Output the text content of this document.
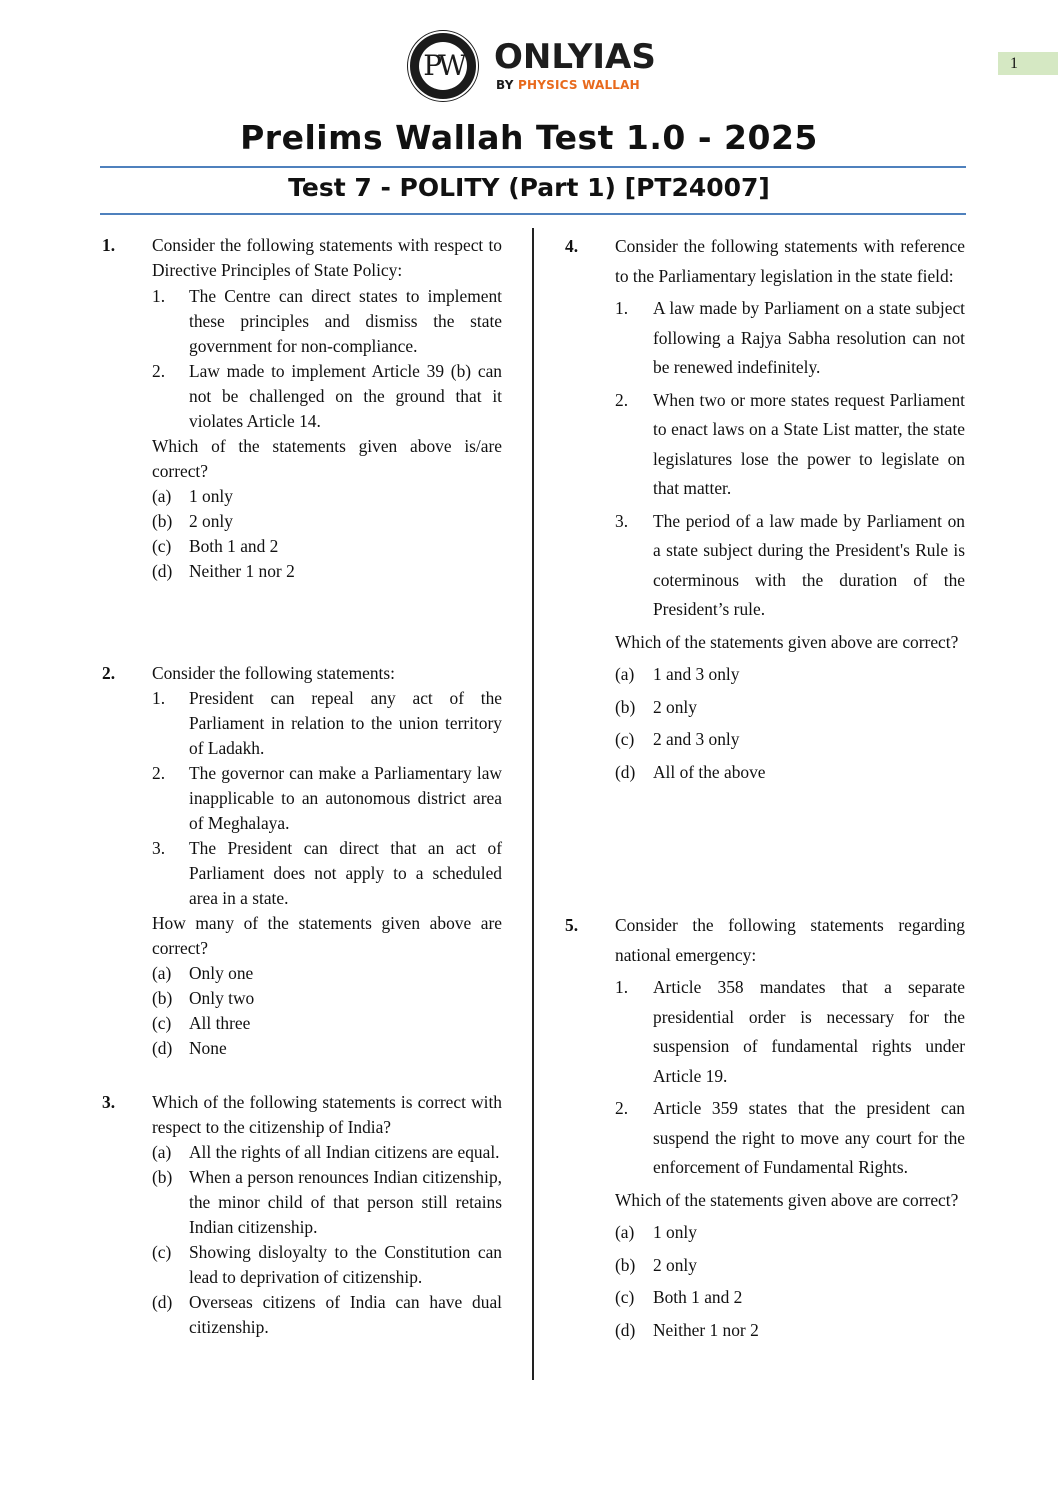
1
PW ONLYIAS
BY PHYSICS WALLAH
Prelims Wallah Test 1.0 - 2025
Test 7 - POLITY (Part 1) [PT24007]
1. Consider the following statements with respect to Directive Principles of State Policy:

1. The Centre can direct states to implement these principles and dismiss the state government for non-compliance.
2. Law made to implement Article 39 (b) can not be challenged on the ground that it violates Article 14.

Which of the statements given above is/are correct?

(a) 1 only
(b) 2 only
(c) Both 1 and 2
(d) Neither 1 nor 2
2. Consider the following statements:

1. President can repeal any act of the Parliament in relation to the union territory of Ladakh.
2. The governor can make a Parliamentary law inapplicable to an autonomous district area of Meghalaya.
3. The President can direct that an act of Parliament does not apply to a scheduled area in a state.

How many of the statements given above are correct?

(a) Only one
(b) Only two
(c) All three
(d) None
3. Which of the following statements is correct with respect to the citizenship of India?

(a) All the rights of all Indian citizens are equal.
(b) When a person renounces Indian citizenship, the minor child of that person still retains Indian citizenship.
(c) Showing disloyalty to the Constitution can lead to deprivation of citizenship.
(d) Overseas citizens of India can have dual citizenship.
4. Consider the following statements with reference to the Parliamentary legislation in the state field:

1. A law made by Parliament on a state subject following a Rajya Sabha resolution can not be renewed indefinitely.
2. When two or more states request Parliament to enact laws on a State List matter, the state legislatures lose the power to legislate on that matter.
3. The period of a law made by Parliament on a state subject during the President's Rule is coterminous with the duration of the President’s rule.

Which of the statements given above are correct?

(a) 1 and 3 only
(b) 2 only
(c) 2 and 3 only
(d) All of the above
5. Consider the following statements regarding national emergency:

1. Article 358 mandates that a separate presidential order is necessary for the suspension of fundamental rights under Article 19.
2. Article 359 states that the president can suspend the right to move any court for the enforcement of Fundamental Rights.

Which of the statements given above are correct?

(a) 1 only
(b) 2 only
(c) Both 1 and 2
(d) Neither 1 nor 2
